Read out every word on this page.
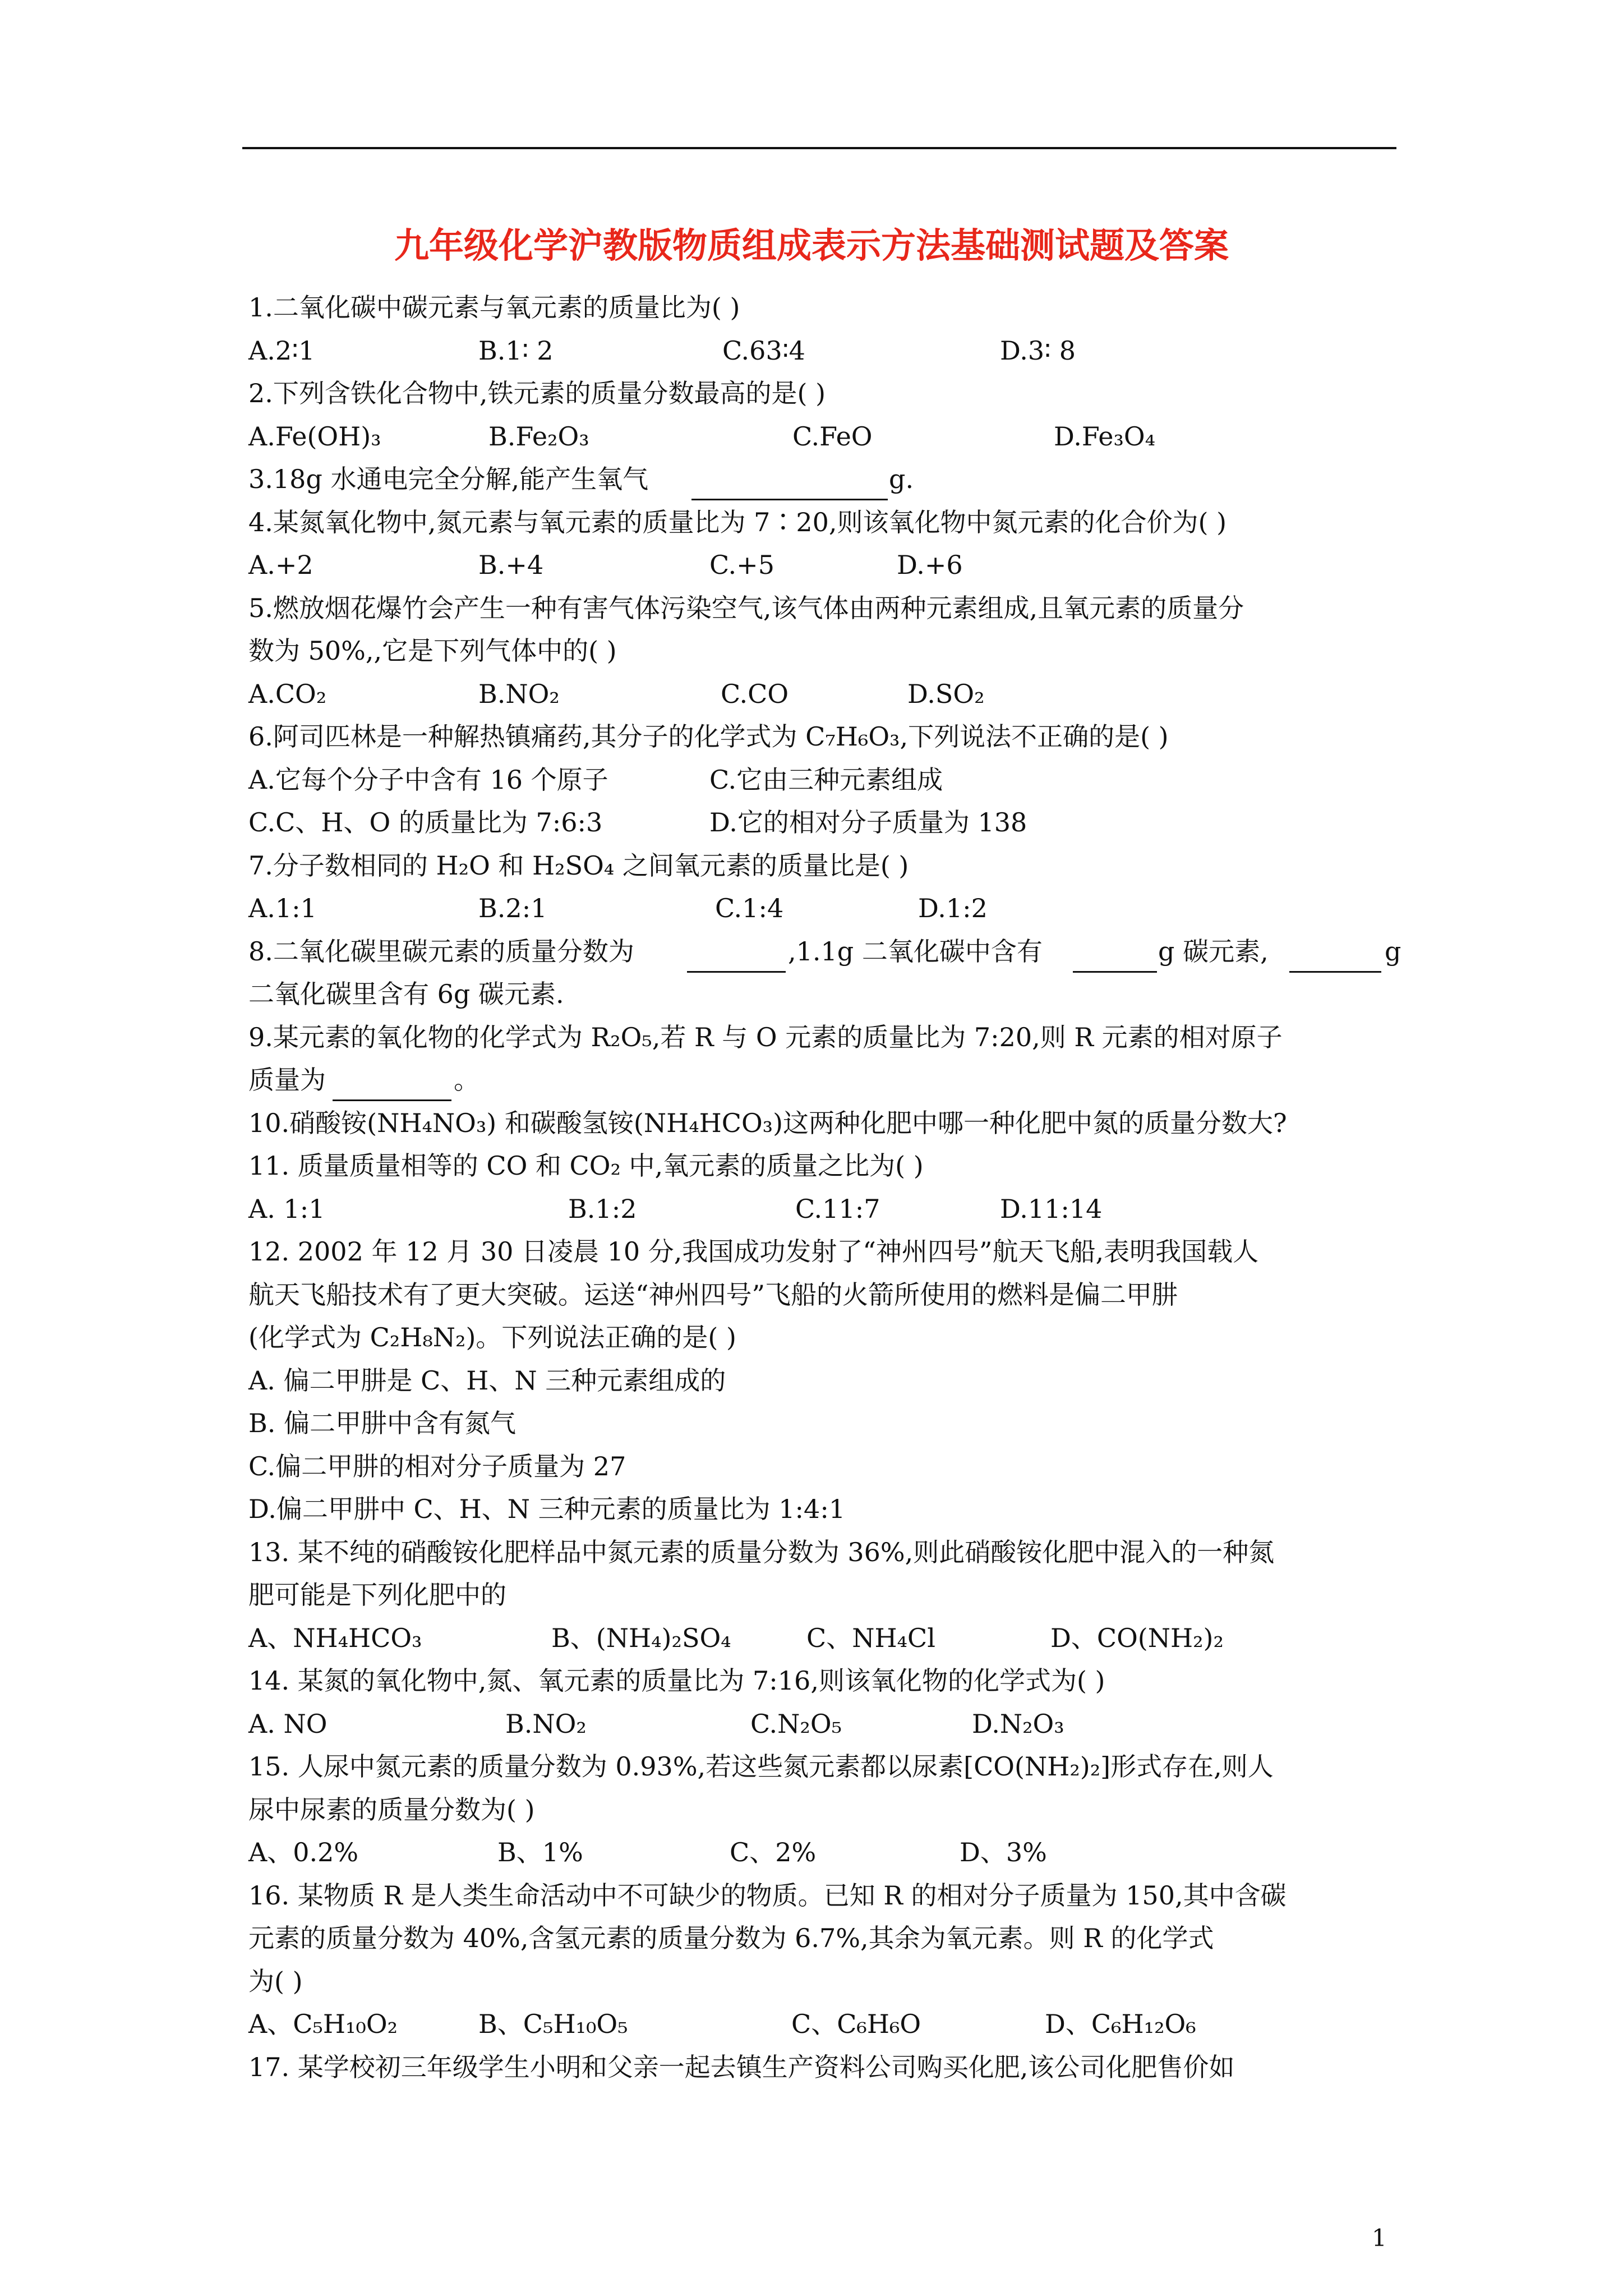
九年级化学沪教版物质组成表示方法基础测试题及答案
1.二氧化碳中碳元素与氧元素的质量比为( )
A.2∶1	B.1∶ 2	C.63∶4	D.3∶ 8
2.下列含铁化合物中,铁元素的质量分数最高的是( )
A.Fe(OH)₃	B.Fe₂O₃	C.FeO	D.Fe₃O₄
3.18g 水通电完全分解,能产生氧气	g.
4.某氮氧化物中,氮元素与氧元素的质量比为 7∶20,则该氧化物中氮元素的化合价为( )
A.+2	B.+4	C.+5	D.+6
5.燃放烟花爆竹会产生一种有害气体污染空气,该气体由两种元素组成,且氧元素的质量分
数为 50%,,它是下列气体中的( )
A.CO₂	B.NO₂	C.CO	D.SO₂
6.阿司匹林是一种解热镇痛药,其分子的化学式为 C₇H₆O₃,下列说法不正确的是( )
A.它每个分子中含有 16 个原子	C.它由三种元素组成
C.C、H、O 的质量比为 7:6:3	D.它的相对分子质量为 138
7.分子数相同的 H₂O 和 H₂SO₄ 之间氧元素的质量比是( )
A.1:1	B.2:1	C.1:4	D.1:2
8.二氧化碳里碳元素的质量分数为	,1.1g 二氧化碳中含有	g 碳元素,	g
二氧化碳里含有 6g 碳元素.
9.某元素的氧化物的化学式为 R₂O₅,若 R 与 O 元素的质量比为 7:20,则 R 元素的相对原子
质量为	。
10.硝酸铵(NH₄NO₃) 和碳酸氢铵(NH₄HCO₃)这两种化肥中哪一种化肥中氮的质量分数大?
11. 质量质量相等的 CO 和 CO₂ 中,氧元素的质量之比为( )
A. 1:1	B.1:2	C.11:7	D.11:14
12. 2002 年 12 月 30 日凌晨 10 分,我国成功发射了“神州四号”航天飞船,表明我国载人
航天飞船技术有了更大突破。运送“神州四号”飞船的火箭所使用的燃料是偏二甲肼
(化学式为 C₂H₈N₂)。下列说法正确的是( )
A. 偏二甲肼是 C、H、N 三种元素组成的
B. 偏二甲肼中含有氮气
C.偏二甲肼的相对分子质量为 27
D.偏二甲肼中 C、H、N 三种元素的质量比为 1:4:1
13. 某不纯的硝酸铵化肥样品中氮元素的质量分数为 36%,则此硝酸铵化肥中混入的一种氮
肥可能是下列化肥中的
A、NH₄HCO₃	B、(NH₄)₂SO₄	C、NH₄Cl	D、CO(NH₂)₂
14. 某氮的氧化物中,氮、氧元素的质量比为 7:16,则该氧化物的化学式为( )
A. NO	B.NO₂	C.N₂O₅	D.N₂O₃
15. 人尿中氮元素的质量分数为 0.93%,若这些氮元素都以尿素[CO(NH₂)₂]形式存在,则人
尿中尿素的质量分数为( )
A、0.2%	B、1%	C、2%	D、3%
16. 某物质 R 是人类生命活动中不可缺少的物质。已知 R 的相对分子质量为 150,其中含碳
元素的质量分数为 40%,含氢元素的质量分数为 6.7%,其余为氧元素。则 R 的化学式
为( )
A、C₅H₁₀O₂	B、C₅H₁₀O₅	C、C₆H₆O	D、C₆H₁₂O₆
17. 某学校初三年级学生小明和父亲一起去镇生产资料公司购买化肥,该公司化肥售价如
1
